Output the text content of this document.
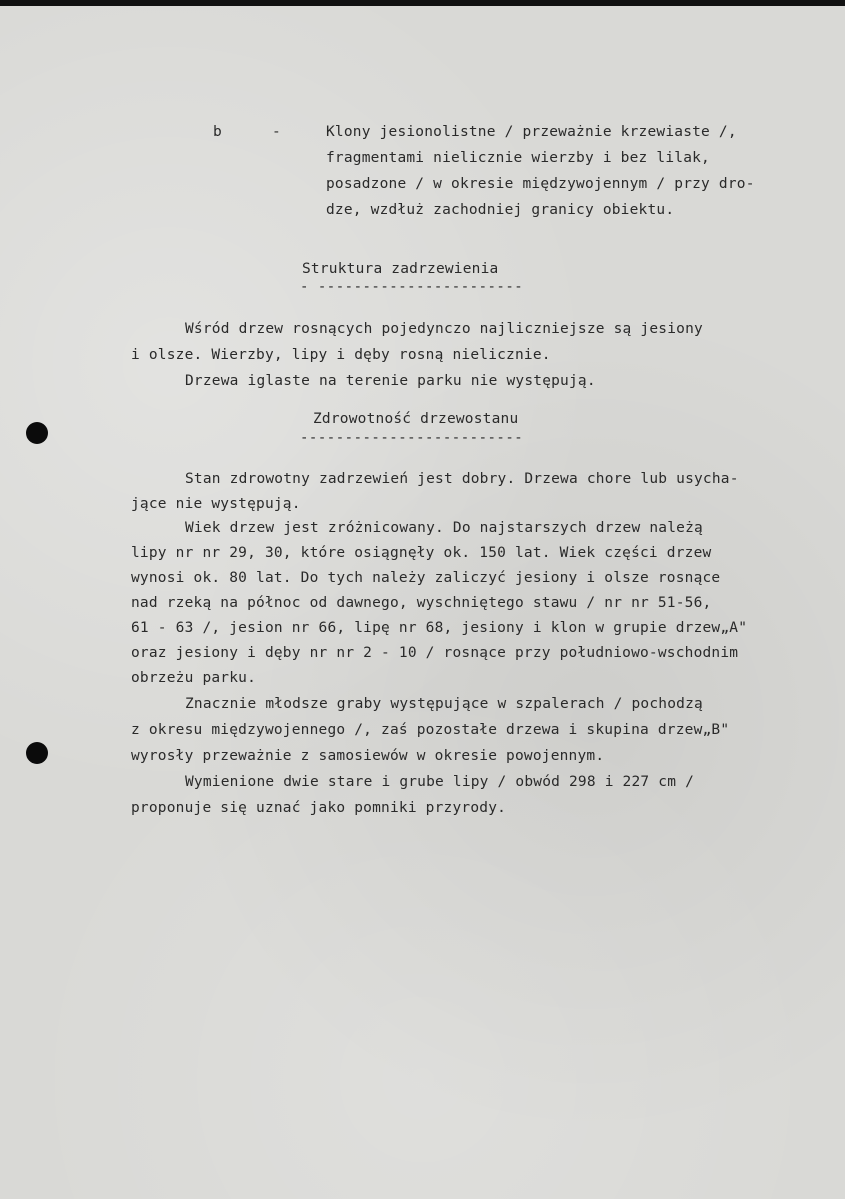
b	-	Klony jesionolistne / przeważnie krzewiaste /,
fragmentami nielicznie wierzby i bez lilak,
posadzone / w okresie międzywojennym / przy dro-
dze, wzdłuż zachodniej granicy obiektu.
Struktura zadrzewienia
- -----------------------
Wśród drzew rosnących pojedynczo najliczniejsze są jesiony
i olsze. Wierzby, lipy i dęby rosną nielicznie.
Drzewa iglaste na terenie parku nie występują.
Zdrowotność drzewostanu
-------------------------
Stan zdrowotny zadrzewień jest dobry. Drzewa chore lub usycha-
jące nie występują.
Wiek drzew jest zróżnicowany. Do najstarszych drzew należą
lipy nr nr 29, 30, które osiągnęły ok. 150 lat. Wiek części drzew
wynosi ok. 80 lat. Do tych należy zaliczyć jesiony i olsze rosnące
nad rzeką na północ od dawnego, wyschniętego stawu / nr nr 51-56,
61 - 63 /, jesion nr 66, lipę nr 68, jesiony i klon w grupie drzew„A"
oraz jesiony i dęby nr nr 2 - 10 / rosnące przy południowo-wschodnim
obrzeżu parku.
Znacznie młodsze graby występujące w szpalerach / pochodzą
z okresu międzywojennego /, zaś pozostałe drzewa i skupina drzew„B"
wyrosły przeważnie z samosiewów w okresie powojennym.
Wymienione dwie stare i grube lipy / obwód 298 i 227 cm /
proponuje się uznać jako pomniki przyrody.
